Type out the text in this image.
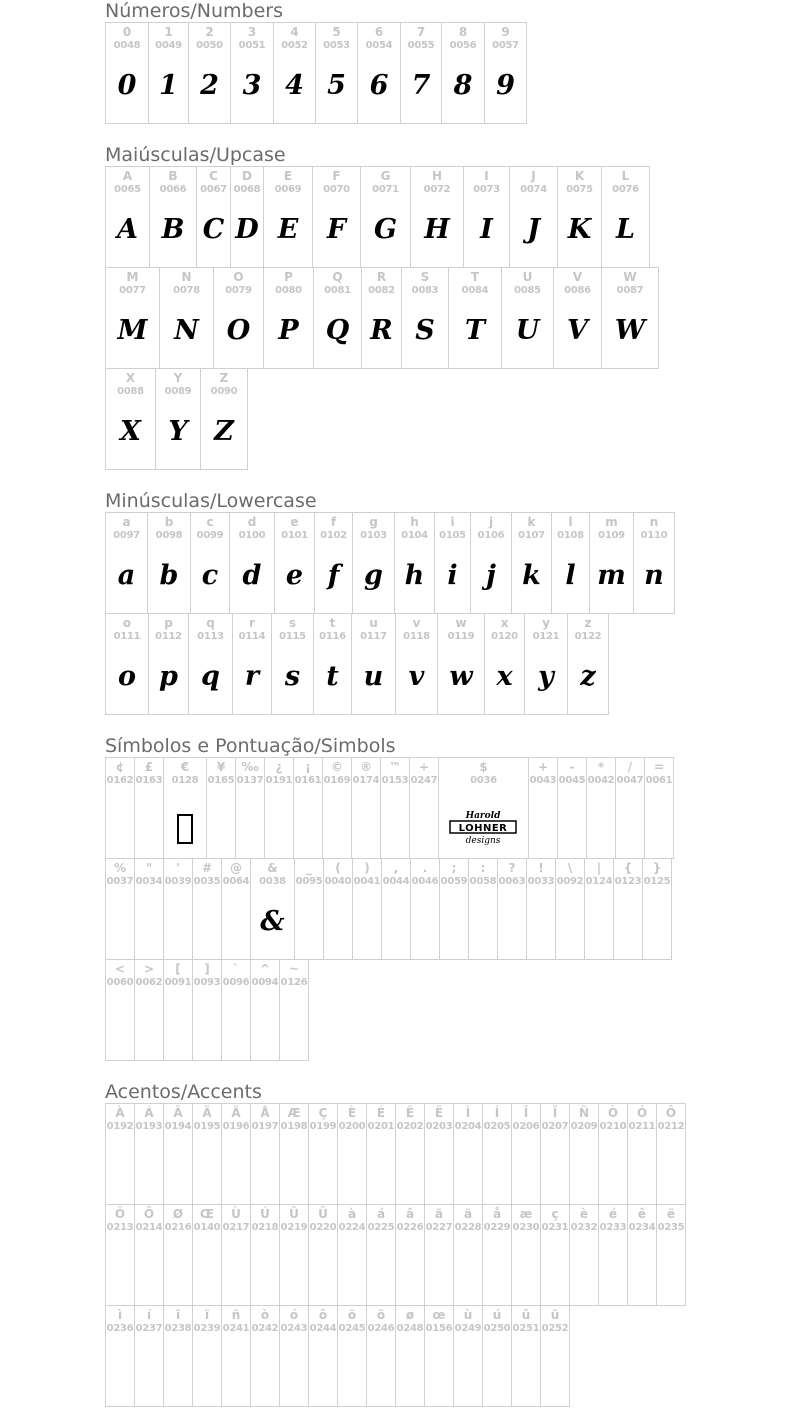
Números/Numbers
0
0048
0
1
0049
1
2
0050
2
3
0051
3
4
0052
4
5
0053
5
6
0054
6
7
0055
7
8
0056
8
9
0057
9
Maiúsculas/Upcase
A
0065
A
B
0066
B
C
0067
C
D
0068
D
E
0069
E
F
0070
F
G
0071
G
H
0072
H
I
0073
I
J
0074
J
K
0075
K
L
0076
L
M
0077
M
N
0078
N
O
0079
O
P
0080
P
Q
0081
Q
R
0082
R
S
0083
S
T
0084
T
U
0085
U
V
0086
V
W
0087
W
X
0088
X
Y
0089
Y
Z
0090
Z
Minúsculas/Lowercase
a
0097
a
b
0098
b
c
0099
c
d
0100
d
e
0101
e
f
0102
f
g
0103
g
h
0104
h
i
0105
i
j
0106
j
k
0107
k
l
0108
l
m
0109
m
n
0110
n
o
0111
o
p
0112
p
q
0113
q
r
0114
r
s
0115
s
t
0116
t
u
0117
u
v
0118
v
w
0119
w
x
0120
x
y
0121
y
z
0122
z
Símbolos e Pontuação/Simbols
¢
0162
£
0163
€
0128
¥
0165
‰
0137
¿
0191
¡
0161
©
0169
®
0174
™
0153
÷
0247
$
0036
Harold
LOHNER
designs
+
0043
-
0045
*
0042
/
0047
=
0061
%
0037
"
0034
'
0039
#
0035
@
0064
&
0038
&
_
0095
(
0040
)
0041
,
0044
.
0046
;
0059
:
0058
?
0063
!
0033
\
0092
|
0124
{
0123
}
0125
<
0060
>
0062
[
0091
]
0093
`
0096
^
0094
~
0126
Acentos/Accents
À
0192
Á
0193
Â
0194
Ã
0195
Ä
0196
Å
0197
Æ
0198
Ç
0199
È
0200
É
0201
Ê
0202
Ë
0203
Ì
0204
Í
0205
Î
0206
Ï
0207
Ñ
0209
Ò
0210
Ó
0211
Ô
0212
Ö
0213
Õ
0214
Ø
0216
Œ
0140
Ù
0217
Ú
0218
Û
0219
Ü
0220
à
0224
á
0225
â
0226
ã
0227
ä
0228
å
0229
æ
0230
ç
0231
è
0232
é
0233
ê
0234
ë
0235
ì
0236
í
0237
î
0238
ï
0239
ñ
0241
ò
0242
ó
0243
ô
0244
õ
0245
ö
0246
ø
0248
œ
0156
ù
0249
ú
0250
û
0251
ü
0252
